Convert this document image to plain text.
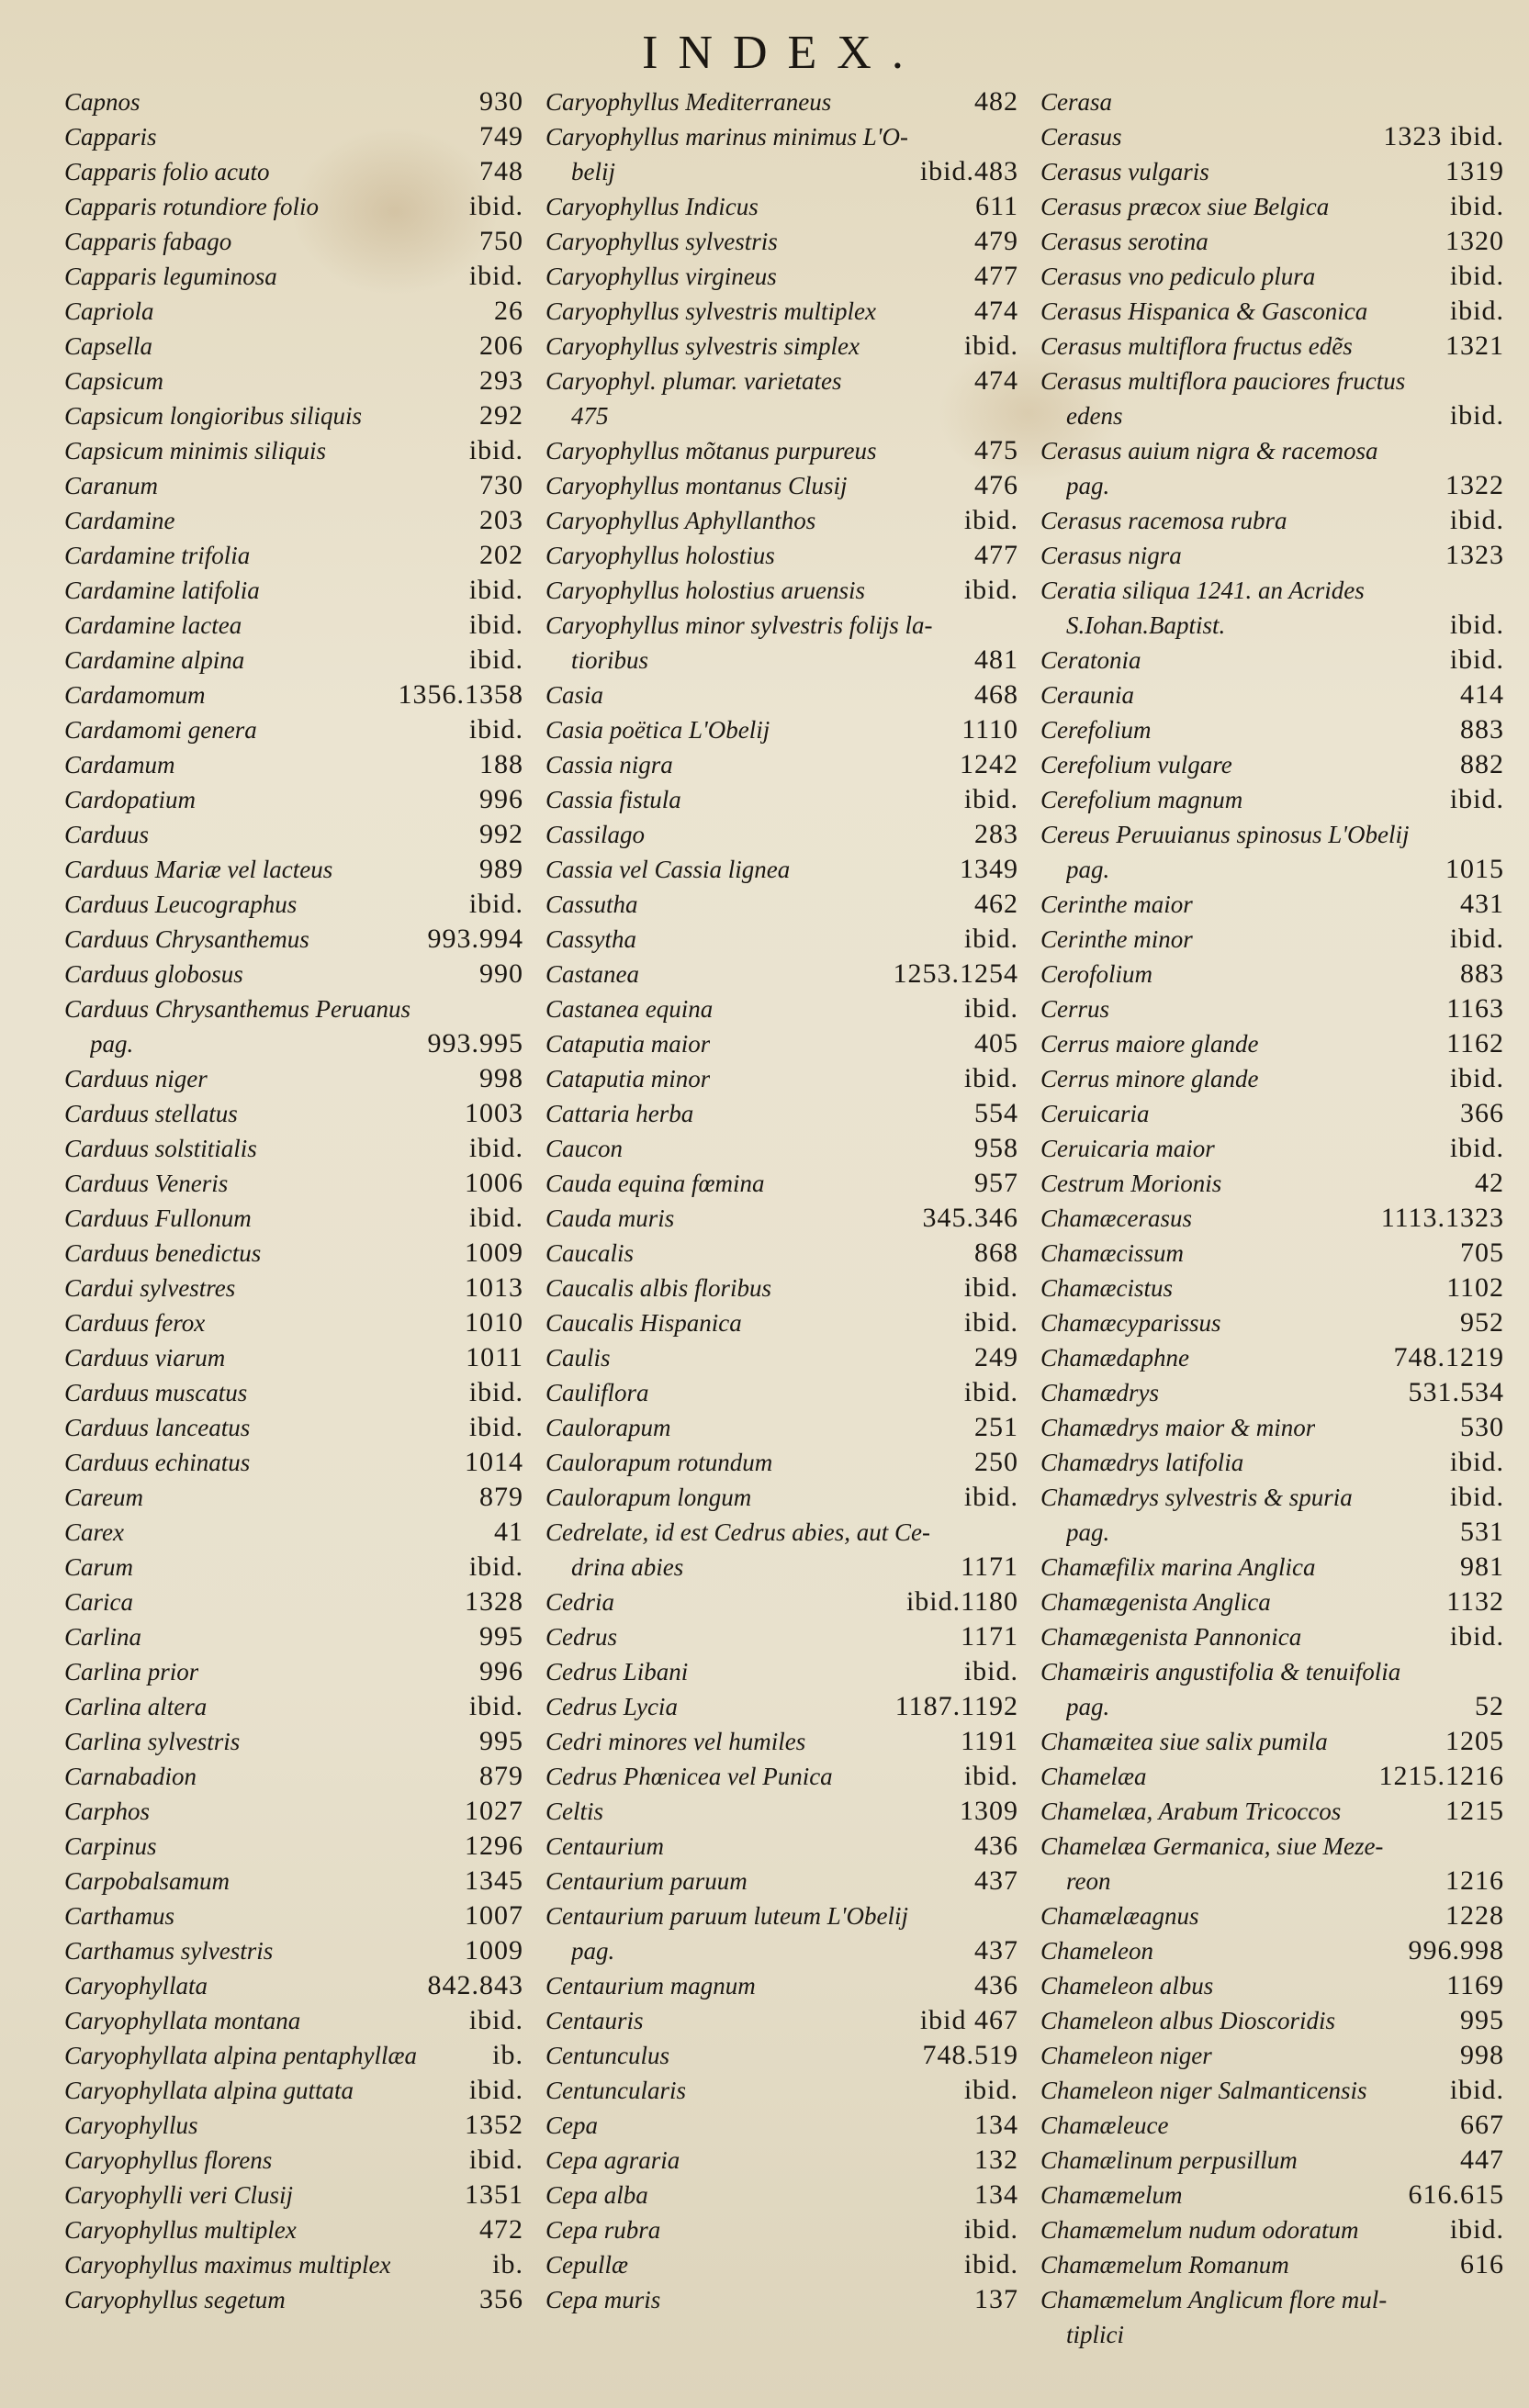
INDEX.
Capnos	930
Capparis	749
Capparis folio acuto	748
Capparis rotundiore folio	ibid.
Capparis fabago	750
Capparis leguminosa	ibid.
Capriola	26
Capsella	206
Capsicum	293
Capsicum longioribus siliquis	292
Capsicum minimis siliquis	ibid.
Caranum	730
Cardamine	203
Cardamine trifolia	202
Cardamine latifolia	ibid.
Cardamine lactea	ibid.
Cardamine alpina	ibid.
Cardamomum	1356.1358
Cardamomi genera	ibid.
Cardamum	188
Cardopatium	996
Carduus	992
Carduus Mariæ vel lacteus	989
Carduus Leucographus	ibid.
Carduus Chrysanthemus	993.994
Carduus globosus	990
Carduus Chrysanthemus Peruanus
pag.	993.995
Carduus niger	998
Carduus stellatus	1003
Carduus solstitialis	ibid.
Carduus Veneris	1006
Carduus Fullonum	ibid.
Carduus benedictus	1009
Cardui sylvestres	1013
Carduus ferox	1010
Carduus viarum	1011
Carduus muscatus	ibid.
Carduus lanceatus	ibid.
Carduus echinatus	1014
Careum	879
Carex	41
Carum	ibid.
Carica	1328
Carlina	995
Carlina prior	996
Carlina altera	ibid.
Carlina sylvestris	995
Carnabadion	879
Carphos	1027
Carpinus	1296
Carpobalsamum	1345
Carthamus	1007
Carthamus sylvestris	1009
Caryophyllata	842.843
Caryophyllata montana	ibid.
Caryophyllata alpina pentaphyllæa	ib.
Caryophyllata alpina guttata	ibid.
Caryophyllus	1352
Caryophyllus florens	ibid.
Caryophylli veri Clusij	1351
Caryophyllus multiplex	472
Caryophyllus maximus multiplex	ib.
Caryophyllus segetum	356
Caryophyllus Mediterraneus	482
Caryophyllus marinus minimus L'O-
belij	ibid.483
Caryophyllus Indicus	611
Caryophyllus sylvestris	479
Caryophyllus virgineus	477
Caryophyllus sylvestris multiplex	474
Caryophyllus sylvestris simplex	ibid.
Caryophyl. plumar. varietates	474
475
Caryophyllus mõtanus purpureus	475
Caryophyllus montanus Clusij	476
Caryophyllus Aphyllanthos	ibid.
Caryophyllus holostius	477
Caryophyllus holostius aruensis	ibid.
Caryophyllus minor sylvestris folijs la-
tioribus	481
Casia	468
Casia poëtica L'Obelij	1110
Cassia nigra	1242
Cassia fistula	ibid.
Cassilago	283
Cassia vel Cassia lignea	1349
Cassutha	462
Cassytha	ibid.
Castanea	1253.1254
Castanea equina	ibid.
Cataputia maior	405
Cataputia minor	ibid.
Cattaria herba	554
Caucon	958
Cauda equina fœmina	957
Cauda muris	345.346
Caucalis	868
Caucalis albis floribus	ibid.
Caucalis Hispanica	ibid.
Caulis	249
Cauliflora	ibid.
Caulorapum	251
Caulorapum rotundum	250
Caulorapum longum	ibid.
Cedrelate, id est Cedrus abies, aut Ce-
drina abies	1171
Cedria	ibid.1180
Cedrus	1171
Cedrus Libani	ibid.
Cedrus Lycia	1187.1192
Cedri minores vel humiles	1191
Cedrus Phœnicea vel Punica	ibid.
Celtis	1309
Centaurium	436
Centaurium paruum	437
Centaurium paruum luteum L'Obelij
pag.	437
Centaurium magnum	436
Centauris	ibid 467
Centunculus	748.519
Centuncularis	ibid.
Cepa	134
Cepa agraria	132
Cepa alba	134
Cepa rubra	ibid.
Cepullæ	ibid.
Cepa muris	137
Cerasa
Cerasus	1323 ibid.
Cerasus vulgaris	1319
Cerasus præcox siue Belgica	ibid.
Cerasus serotina	1320
Cerasus vno pediculo plura	ibid.
Cerasus Hispanica & Gasconica	ibid.
Cerasus multiflora fructus edẽs	1321
Cerasus multiflora pauciores fructus
edens	ibid.
Cerasus auium nigra & racemosa
pag.	1322
Cerasus racemosa rubra	ibid.
Cerasus nigra	1323
Ceratia siliqua 1241. an Acrides
S.Iohan.Baptist.	ibid.
Ceratonia	ibid.
Ceraunia	414
Cerefolium	883
Cerefolium vulgare	882
Cerefolium magnum	ibid.
Cereus Peruuianus spinosus L'Obelij
pag.	1015
Cerinthe maior	431
Cerinthe minor	ibid.
Cerofolium	883
Cerrus	1163
Cerrus maiore glande	1162
Cerrus minore glande	ibid.
Ceruicaria	366
Ceruicaria maior	ibid.
Cestrum Morionis	42
Chamæcerasus	1113.1323
Chamæcissum	705
Chamæcistus	1102
Chamæcyparissus	952
Chamædaphne	748.1219
Chamædrys	531.534
Chamædrys maior & minor	530
Chamædrys latifolia	ibid.
Chamædrys sylvestris & spuria	ibid.
pag.	531
Chamæfilix marina Anglica	981
Chamægenista Anglica	1132
Chamægenista Pannonica	ibid.
Chamæiris angustifolia & tenuifolia
pag.	52
Chamæitea siue salix pumila	1205
Chamelæa	1215.1216
Chamelæa, Arabum Tricoccos	1215
Chamelæa Germanica, siue Meze-
reon	1216
Chamælæagnus	1228
Chameleon	996.998
Chameleon albus	1169
Chameleon albus Dioscoridis	995
Chameleon niger	998
Chameleon niger Salmanticensis	ibid.
Chamæleuce	667
Chamælinum perpusillum	447
Chamæmelum	616.615
Chamæmelum nudum odoratum	ibid.
Chamæmelum Romanum	616
Chamæmelum Anglicum flore mul-
tiplici
